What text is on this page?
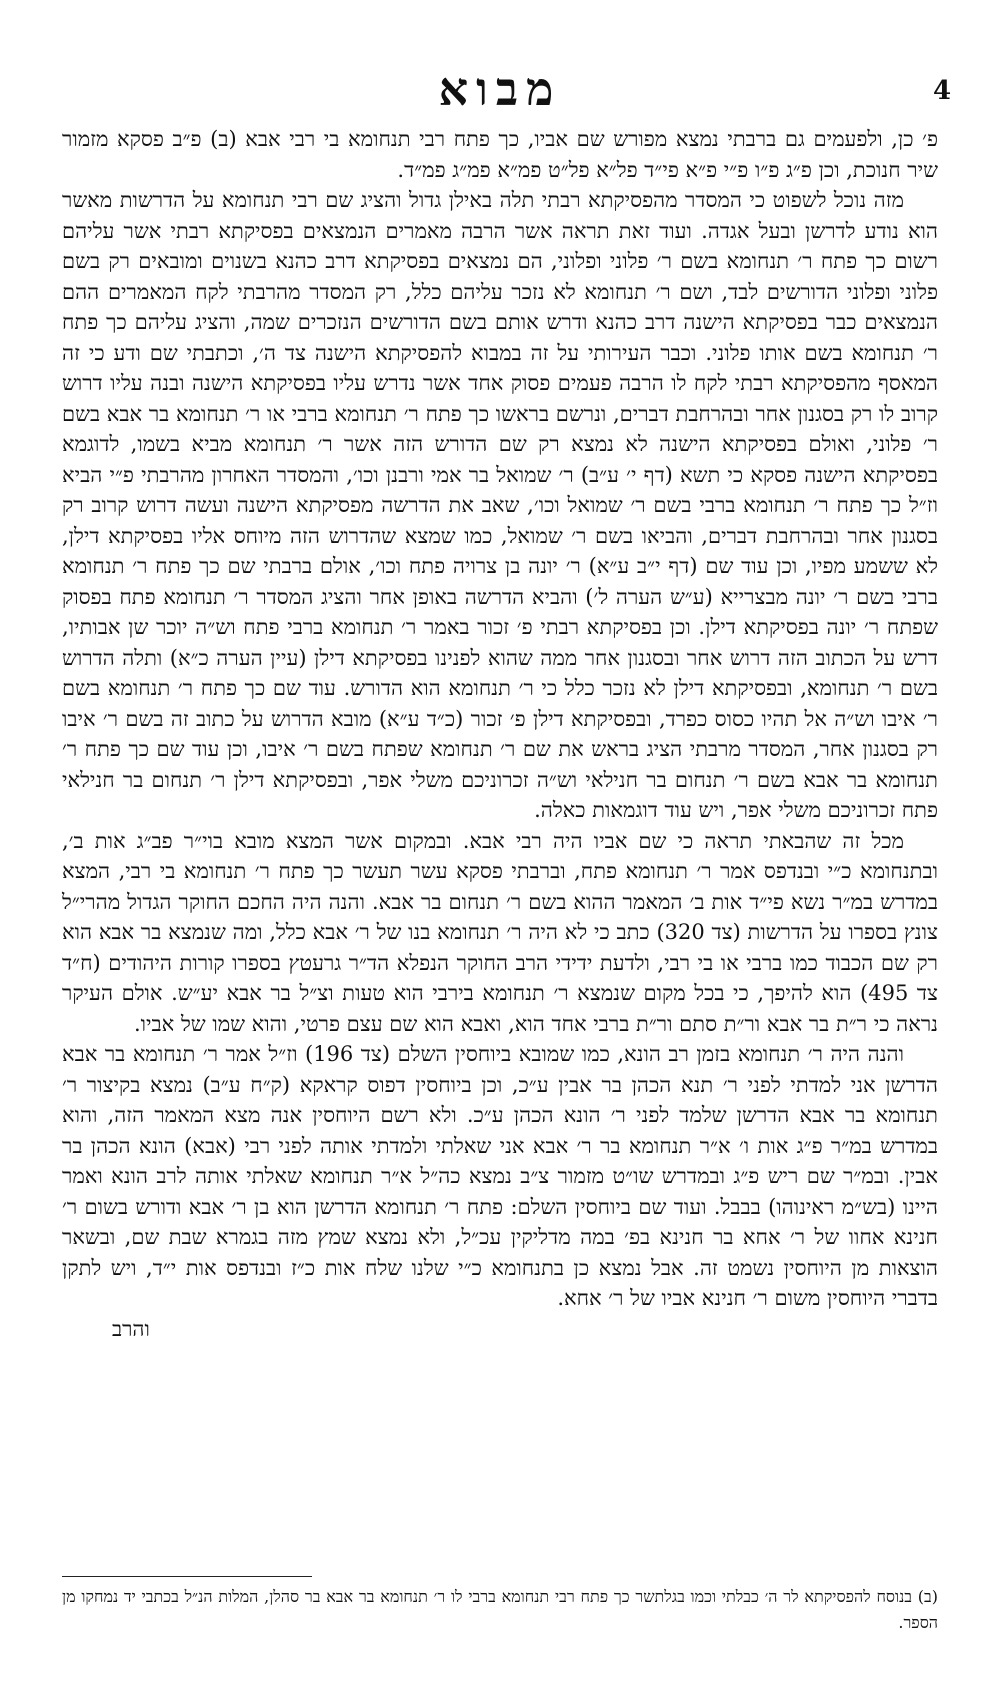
מבוא	4

פ׳ כן, ולפעמים גם ברבתי נמצא מפורש שם אביו, כך פתח רבי תנחומא בי רבי אבא (ב) פ״ב פסקא מזמור שיר חנוכת, וכן פ״ג פ״ו פ״י פ״א פי״ד פל״א פל״ט פמ״א פמ״ג פמ״ד.

מזה נוכל לשפוט כי המסדר מהפסיקתא רבתי תלה באילן גדול והציג שם רבי תנחומא על הדרשות מאשר הוא נודע לדרשן ובעל אגדה. ועוד זאת תראה אשר הרבה מאמרים הנמצאים בפסיקתא רבתי אשר עליהם רשום כך פתח ר׳ תנחומא בשם ר׳ פלוני ופלוני, הם נמצאים בפסיקתא דרב כהנא בשנוים ומובאים רק בשם פלוני ופלוני הדורשים לבד, ושם ר׳ תנחומא לא נזכר עליהם כלל, רק המסדר מהרבתי לקח המאמרים ההם הנמצאים כבר בפסיקתא הישנה דרב כהנא ודרש אותם בשם הדורשים הנזכרים שמה, והציג עליהם כך פתח ר׳ תנחומא בשם אותו פלוני. וכבר העירותי על זה במבוא להפסיקתא הישנה צד ה׳, וכתבתי שם ודע כי זה המאסף מהפסיקתא רבתי לקח לו הרבה פעמים פסוק אחד אשר נדרש עליו בפסיקתא הישנה ובנה עליו דרוש קרוב לו רק בסגנון אחר ובהרחבת דברים, ונרשם בראשו כך פתח ר׳ תנחומא ברבי או ר׳ תנחומא בר אבא בשם ר׳ פלוני, ואולם בפסיקתא הישנה לא נמצא רק שם הדורש הזה אשר ר׳ תנחומא מביא בשמו, לדוגמא בפסיקתא הישנה פסקא כי תשא (דף י׳ ע״ב) ר׳ שמואל בר אמי ורבנן וכו׳, והמסדר האחרון מהרבתי פ״י הביא וז״ל כך פתח ר׳ תנחומא ברבי בשם ר׳ שמואל וכו׳, שאב את הדרשה מפסיקתא הישנה ועשה דרוש קרוב רק בסגנון אחר ובהרחבת דברים, והביאו בשם ר׳ שמואל, כמו שמצא שהדרוש הזה מיוחס אליו בפסיקתא דילן, לא ששמע מפיו, וכן עוד שם (דף י״ב ע״א) ר׳ יונה בן צרויה פתח וכו׳, אולם ברבתי שם כך פתח ר׳ תנחומא ברבי בשם ר׳ יונה מבצרייא (ע״ש הערה ל׳) והביא הדרשה באופן אחר והציג המסדר ר׳ תנחומא פתח בפסוק שפתח ר׳ יונה בפסיקתא דילן. וכן בפסיקתא רבתי פ׳ זכור באמר ר׳ תנחומא ברבי פתח וש״ה יוכר שן אבותיו, דרש על הכתוב הזה דרוש אחר ובסגנון אחר ממה שהוא לפנינו בפסיקתא דילן (עיין הערה כ״א) ותלה הדרוש בשם ר׳ תנחומא, ובפסיקתא דילן לא נזכר כלל כי ר׳ תנחומא הוא הדורש. עוד שם כך פתח ר׳ תנחומא בשם ר׳ איבו וש״ה אל תהיו כסוס כפרד, ובפסיקתא דילן פ׳ זכור (כ״ד ע״א) מובא הדרוש על כתוב זה בשם ר׳ איבו רק בסגנון אחר, המסדר מרבתי הציג בראש את שם ר׳ תנחומא שפתח בשם ר׳ איבו, וכן עוד שם כך פתח ר׳ תנחומא בר אבא בשם ר׳ תנחום בר חנילאי וש״ה זכרוניכם משלי אפר, ובפסיקתא דילן ר׳ תנחום בר חנילאי פתח זכרוניכם משלי אפר, ויש עוד דוגמאות כאלה.

מכל זה שהבאתי תראה כי שם אביו היה רבי אבא. ובמקום אשר המצא מובא בוי״ר פב״ג אות ב׳, ובתנחומא כ״י ובנדפס אמר ר׳ תנחומא פתח, וברבתי פסקא עשר תעשר כך פתח ר׳ תנחומא בי רבי, המצא במדרש במ״ר נשא פי״ד אות ב׳ המאמר ההוא בשם ר׳ תנחום בר אבא. והנה היה החכם החוקר הגדול מהרי״ל צונץ בספרו על הדרשות (צד 320) כתב כי לא היה ר׳ תנחומא בנו של ר׳ אבא כלל, ומה שנמצא בר אבא הוא רק שם הכבוד כמו ברבי או בי רבי, ולדעת ידידי הרב החוקר הנפלא הד״ר גרעטץ בספרו קורות היהודים (ח״ד צד 495) הוא להיפך, כי בכל מקום שנמצא ר׳ תנחומא בירבי הוא טעות וצ״ל בר אבא יע״ש. אולם העיקר נראה כי ר״ת בר אבא ור״ת סתם ור״ת ברבי אחד הוא, ואבא הוא שם עצם פרטי, והוא שמו של אביו.

והנה היה ר׳ תנחומא בזמן רב הונא, כמו שמובא ביוחסין השלם (צד 196) וז״ל אמר ר׳ תנחומא בר אבא הדרשן אני למדתי לפני ר׳ תנא הכהן בר אבין ע״כ, וכן ביוחסין דפוס קראקא (ק״ח ע״ב) נמצא בקיצור ר׳ תנחומא בר אבא הדרשן שלמד לפני ר׳ הונא הכהן ע״כ. ולא רשם היוחסין אנה מצא המאמר הזה, והוא במדרש במ״ר פ״ג אות ו׳ א״ר תנחומא בר ר׳ אבא אני שאלתי ולמדתי אותה לפני רבי (אבא) הונא הכהן בר אבין. ובמ״ר שם ריש פ״ג ובמדרש שו״ט מזמור צ״ב נמצא כה״ל א״ר תנחומא שאלתי אותה לרב הונא ואמר היינו (בש״מ ראינוהו) בבבל. ועוד שם ביוחסין השלם: פתח ר׳ תנחומא הדרשן הוא בן ר׳ אבא ודורש בשום ר׳ חנינא אחוו של ר׳ אחא בר חנינא בפ׳ במה מדליקין עכ״ל, ולא נמצא שמץ מזה בגמרא שבת שם, ובשאר הוצאות מן היוחסין נשמט זה. אבל נמצא כן בתנחומא כ״י שלנו שלח אות כ״ז ובנדפס אות י״ד, ויש לתקן בדברי היוחסין משום ר׳ חנינא אביו של ר׳ אחא.

והרב
(ב) בנוסח להפסיקתא לר ה׳ כבלתי וכמו בגלתשר כך פתח רבי תנחומא ברבי לו ר׳ תנחומא בר אבא בר סהלן, המלות הנ״ל בכתבי יד נמחקו מן הספר.
